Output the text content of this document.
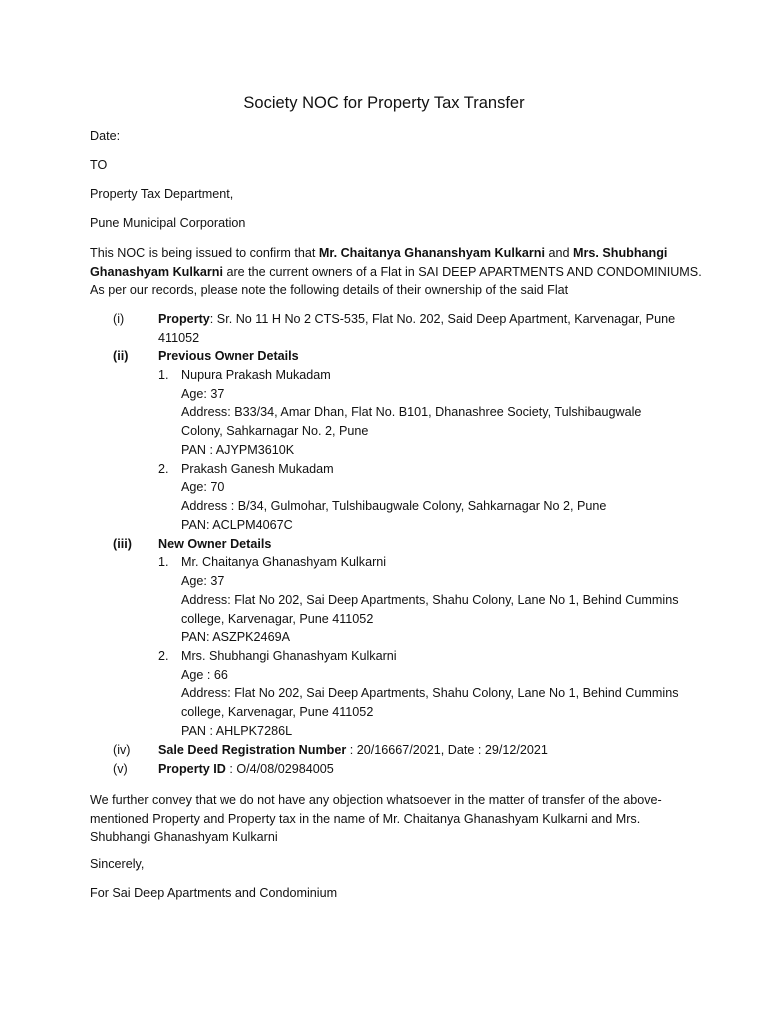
Society NOC for Property Tax Transfer
Date:
TO
Property Tax Department,
Pune Municipal Corporation

This NOC is being issued to confirm that Mr. Chaitanya Ghananshyam Kulkarni and Mrs. Shubhangi

Ghanashyam Kulkarni are the current owners of a Flat in SAI DEEP APARTMENTS AND CONDOMINIUMS.

As per our records, please note the following details of their ownership of the said Flat

(i)	Property: Sr. No 11 H No 2 CTS-535, Flat No. 202, Said Deep Apartment, Karvenagar, Pune
411052
(ii) Previous Owner Details
1. Nupura Prakash Mukadam
Age: 37
Address: B33/34, Amar Dhan, Flat No. B101, Dhanashree Society, Tulshibaugwale
Colony, Sahkarnagar No. 2, Pune
PAN : AJYPM3610K
2. Prakash Ganesh Mukadam
Age: 70
Address : B/34, Gulmohar, Tulshibaugwale Colony, Sahkarnagar No 2, Pune
PAN: ACLPM4067C
(iii) New Owner Details
1. Mr. Chaitanya Ghanashyam Kulkarni
Age: 37
Address: Flat No 202, Sai Deep Apartments, Shahu Colony, Lane No 1, Behind Cummins
college, Karvenagar, Pune 411052
PAN: ASZPK2469A
2. Mrs. Shubhangi Ghanashyam Kulkarni
Age : 66
Address: Flat No 202, Sai Deep Apartments, Shahu Colony, Lane No 1, Behind Cummins
college, Karvenagar, Pune 411052
PAN : AHLPK7286L
(iv) Sale Deed Registration Number : 20/16667/2021, Date : 29/12/2021
(v) Property ID : O/4/08/02984005

We further convey that we do not have any objection whatsoever in the matter of transfer of the above-

mentioned Property and Property tax in the name of Mr. Chaitanya Ghanashyam Kulkarni and Mrs.

Shubhangi Ghanashyam Kulkarni

Sincerely,
For Sai Deep Apartments and Condominium
